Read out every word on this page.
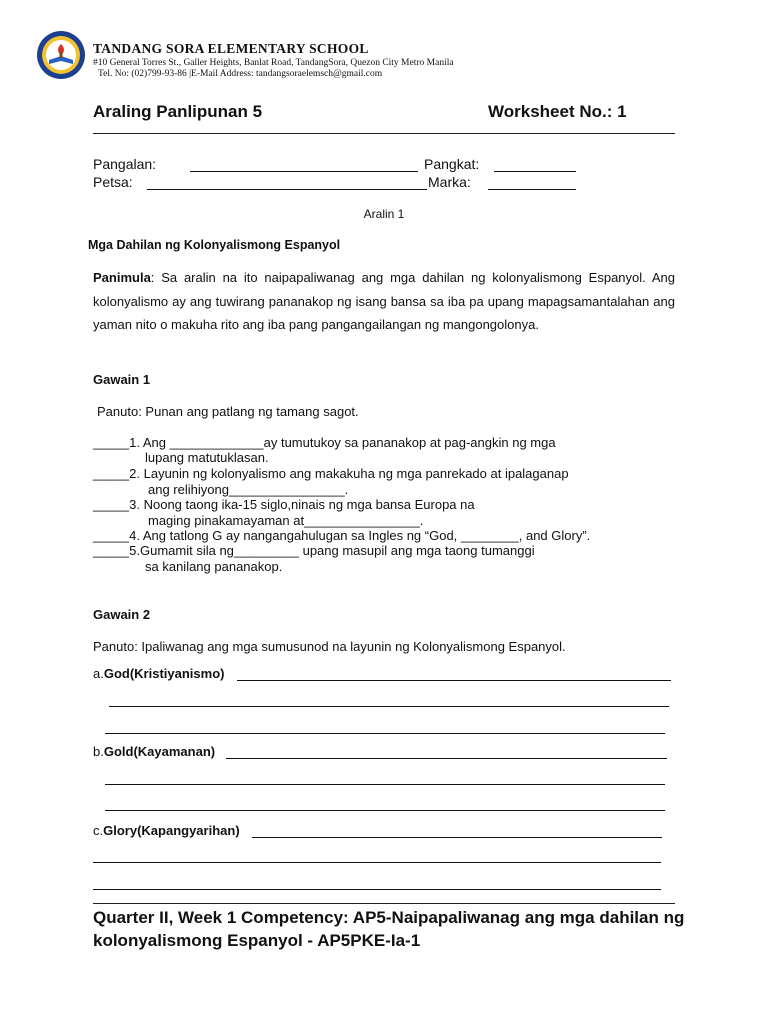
TANDANG SORA ELEMENTARY SCHOOL
#10 General Torres St., Galler Heights, Banlat Road, TandangSora, Quezon City Metro Manila
Tel. No: (02)799-93-86 |E-Mail Address: tandangsoraelemsch@gmail.com
Araling Panlipunan 5	Worksheet No.: 1
Pangalan:	Pangkat:
Petsa:	Marka:
Aralin 1
Mga Dahilan ng Kolonyalismong Espanyol
Panimula: Sa aralin na ito naipapaliwanag ang mga dahilan ng kolonyalismong Espanyol. Ang kolonyalismo ay ang tuwirang pananakop ng isang bansa sa iba pa upang mapagsamantalahan ang yaman nito o makuha rito ang iba pang pangangailangan ng mangongolonya.
Gawain 1
Panuto: Punan ang patlang ng tamang sagot.
_____1. Ang _____________ay tumutukoy sa pananakop at pag-angkin ng mga
lupang matutuklasan.
_____2. Layunin ng kolonyalismo ang makakuha ng mga panrekado at ipalaganap
ang relihiyong________________.
_____3. Noong taong ika-15 siglo,ninais ng mga bansa Europa na
maging pinakamayaman at________________.
_____4. Ang tatlong G ay nangangahulugan sa Ingles ng “God, ________, and Glory”.
_____5.Gumamit sila ng_________ upang masupil ang mga taong tumanggi
sa kanilang pananakop.
Gawain 2
Panuto: Ipaliwanag ang mga sumusunod na layunin ng Kolonyalismong Espanyol.
a.God(Kristiyanismo)
b.Gold(Kayamanan)
c.Glory(Kapangyarihan)
Quarter II, Week 1 Competency: AP5-Naipapaliwanag ang mga dahilan ng kolonyalismong Espanyol - AP5PKE-Ia-1
